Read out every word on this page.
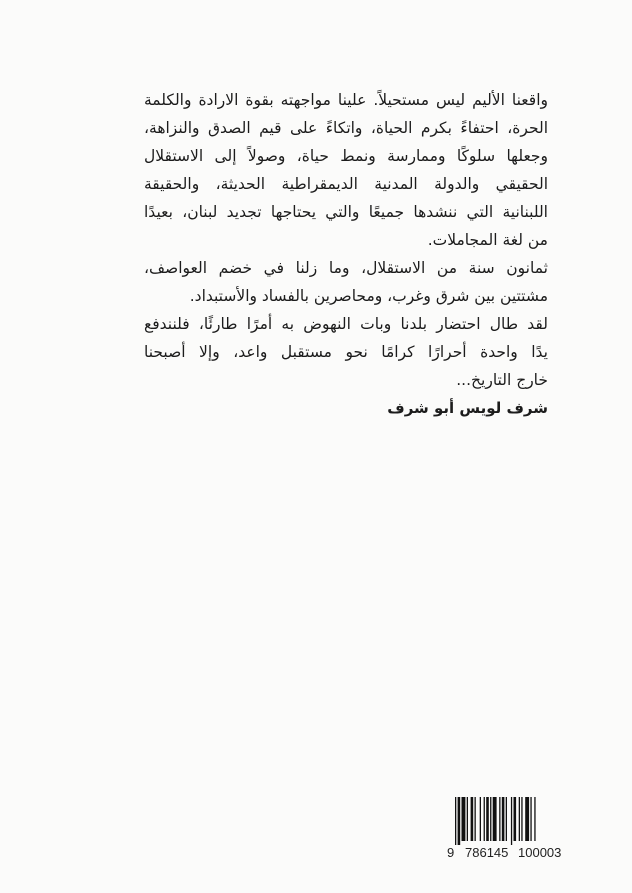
واقعنا الأليم ليس مستحيلاً. علينا مواجهته بقوة الارادة والكلمة
الحرة، احتفاءً بكرم الحياة، واتكاءً على قيم الصدق والنزاهة،
وجعلها سلوكًا وممارسة ونمط حياة، وصولاً إلى الاستقلال
الحقيقي والدولة المدنية الديمقراطية الحديثة، والحقيقة
اللبنانية التي ننشدها جميعًا والتي يحتاجها تجديد لبنان، بعيدًا
من لغة المجاملات.
ثمانون سنة من الاستقلال، وما زلنا في خضم العواصف،
مشتتين بين شرق وغرب، ومحاصرين بالفساد والأستبداد.
لقد طال احتضار بلدنا وبات النهوض به أمرًا طارئًا، فلنندفع
يدًا واحدة أحرارًا كرامًا نحو مستقبل واعد، وإلا أصبحنا
خارج التاريخ...
شرف لويس أبو شرف
9 786145 100003
